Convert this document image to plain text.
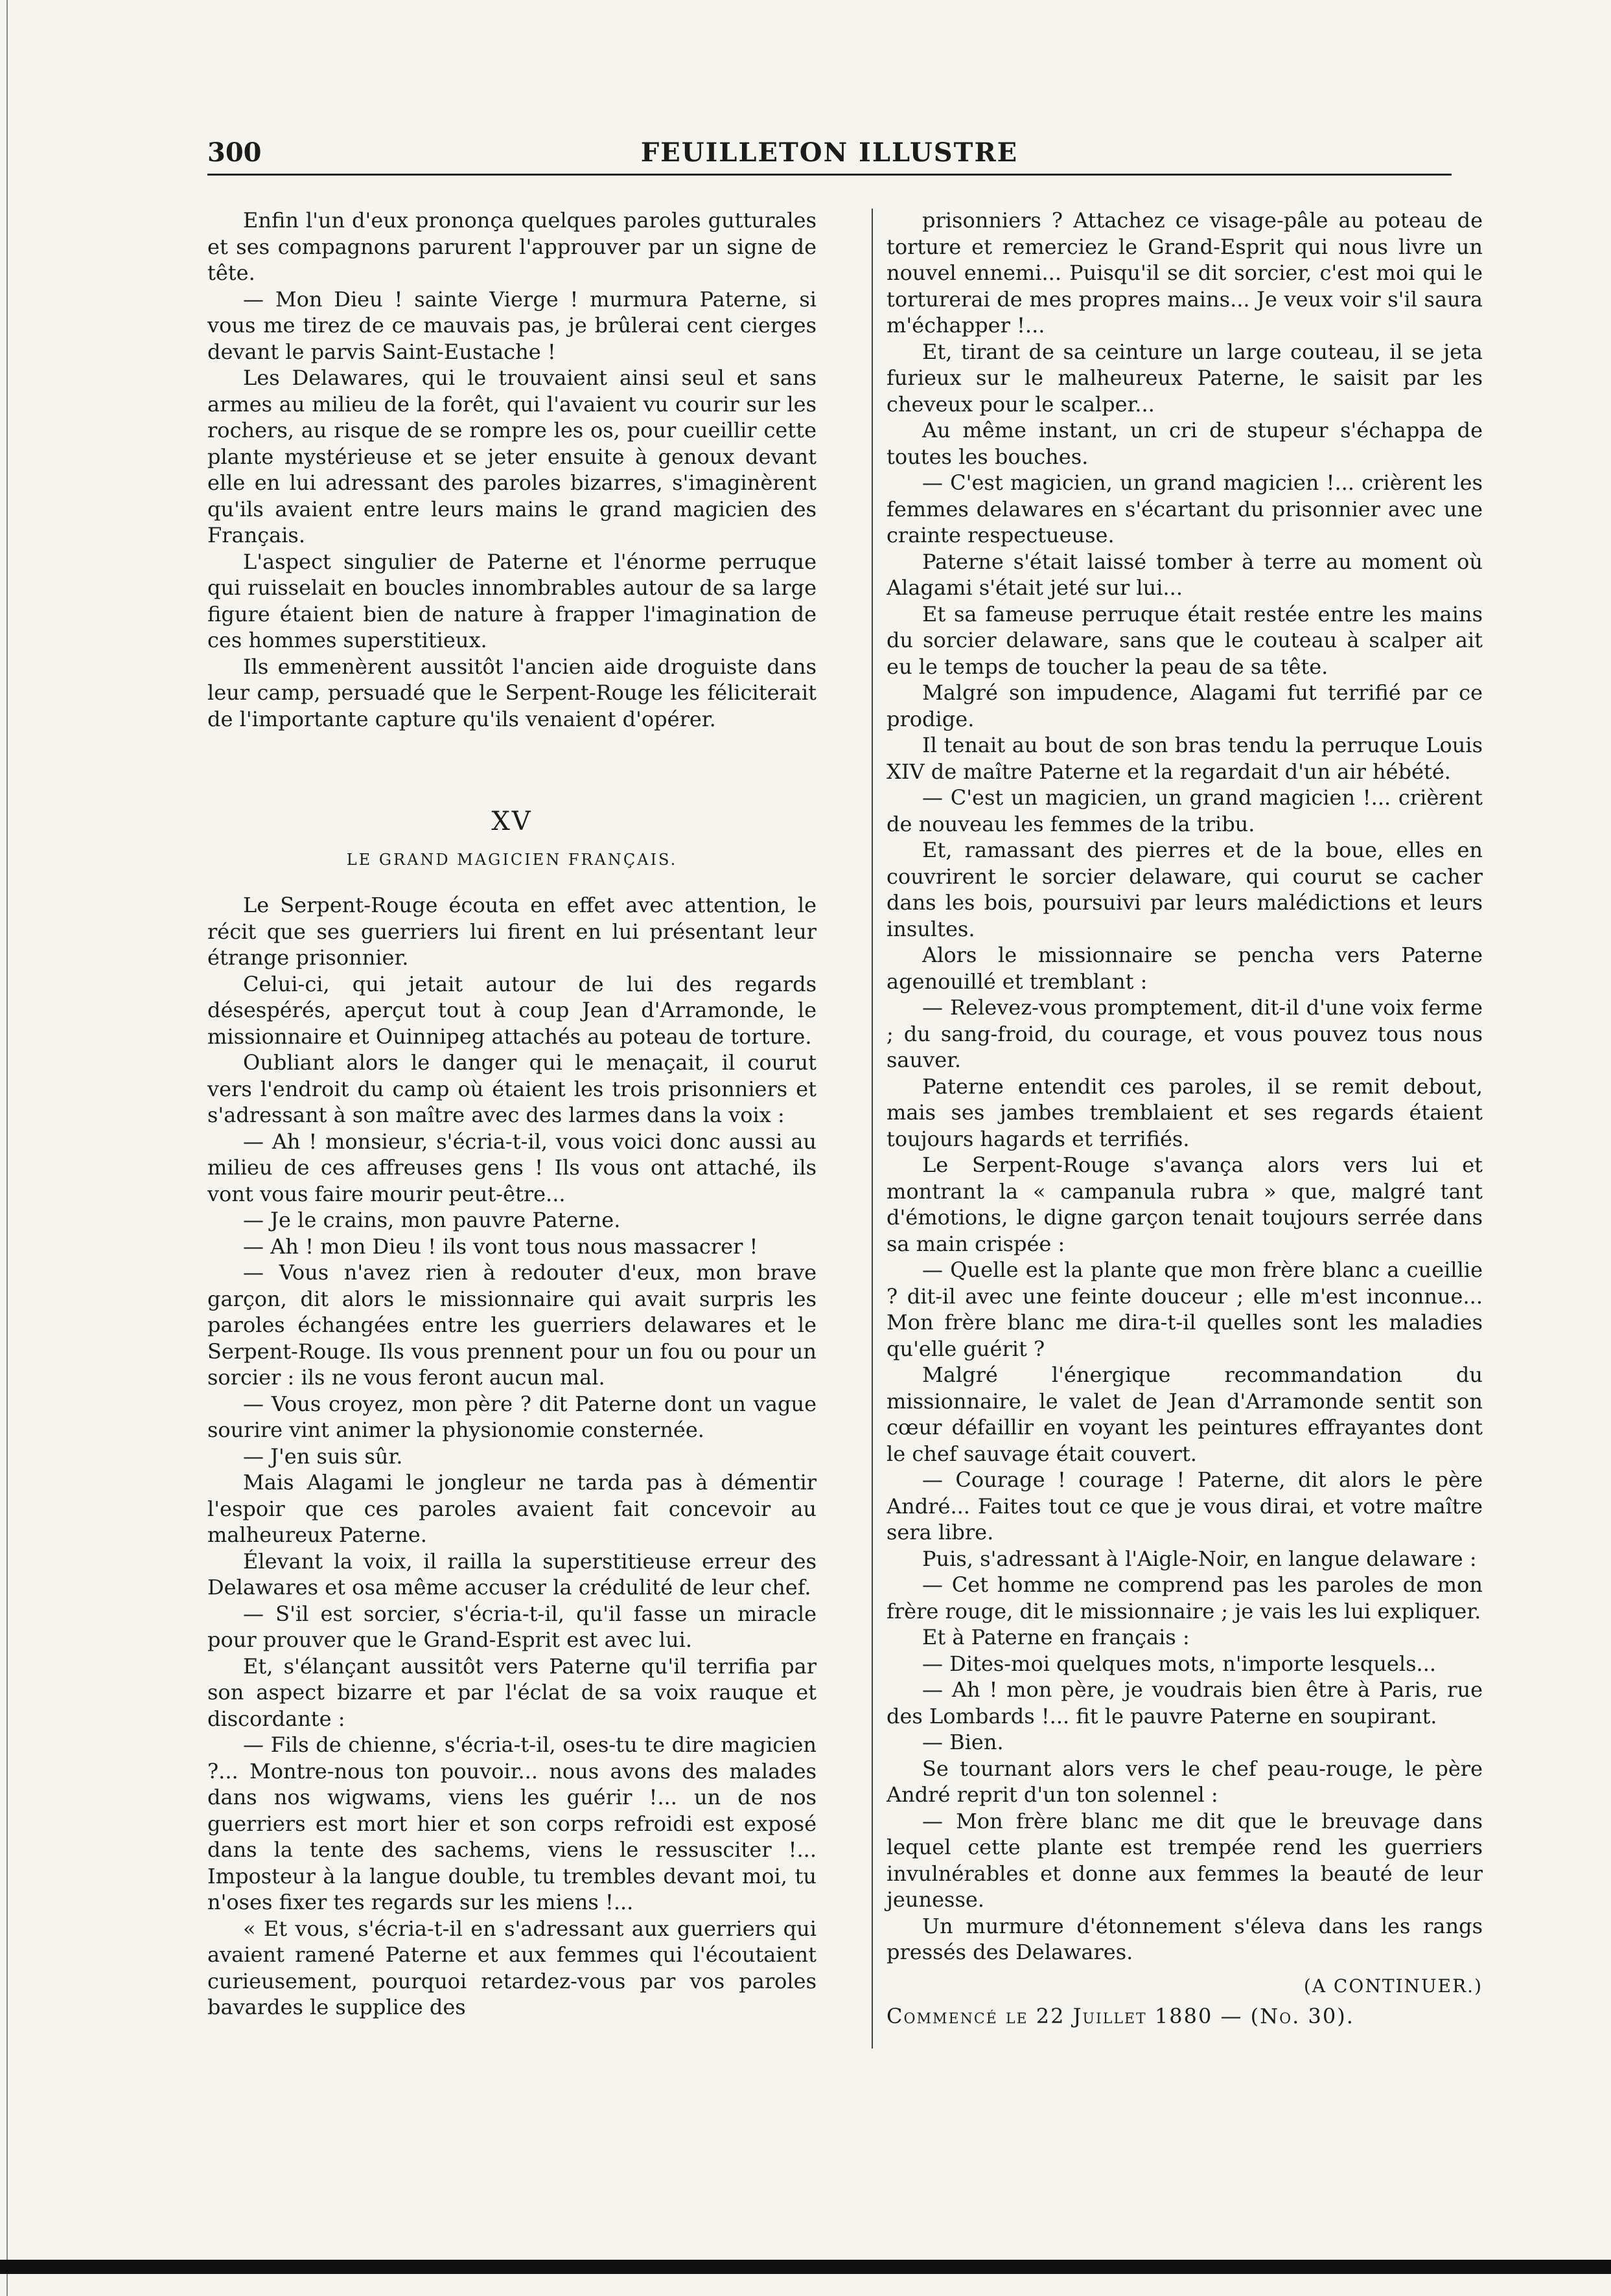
300	FEUILLETON ILLUSTRE

Enfin l'un d'eux prononça quelques paroles gutturales et ses compagnons parurent l'approuver par un signe de tête.

— Mon Dieu ! sainte Vierge ! murmura Paterne, si vous me tirez de ce mauvais pas, je brûlerai cent cierges devant le parvis Saint-Eustache !

Les Delawares, qui le trouvaient ainsi seul et sans armes au milieu de la forêt, qui l'avaient vu courir sur les rochers, au risque de se rompre les os, pour cueillir cette plante mystérieuse et se jeter ensuite à genoux devant elle en lui adressant des paroles bizarres, s'imaginèrent qu'ils avaient entre leurs mains le grand magicien des Français.

L'aspect singulier de Paterne et l'énorme perruque qui ruisselait en boucles innombrables autour de sa large figure étaient bien de nature à frapper l'imagination de ces hommes superstitieux.

Ils emmenèrent aussitôt l'ancien aide droguiste dans leur camp, persuadé que le Serpent-Rouge les féliciterait de l'importante capture qu'ils venaient d'opérer.

XV
LE GRAND MAGICIEN FRANÇAIS.

Le Serpent-Rouge écouta en effet avec attention, le récit que ses guerriers lui firent en lui présentant leur étrange prisonnier.

Celui-ci, qui jetait autour de lui des regards désespérés, aperçut tout à coup Jean d'Arramonde, le missionnaire et Ouinnipeg attachés au poteau de torture.

Oubliant alors le danger qui le menaçait, il courut vers l'endroit du camp où étaient les trois prisonniers et s'adressant à son maître avec des larmes dans la voix :

— Ah ! monsieur, s'écria-t-il, vous voici donc aussi au milieu de ces affreuses gens ! Ils vous ont attaché, ils vont vous faire mourir peut-être...

— Je le crains, mon pauvre Paterne.

— Ah ! mon Dieu ! ils vont tous nous massacrer !

— Vous n'avez rien à redouter d'eux, mon brave garçon, dit alors le missionnaire qui avait surpris les paroles échangées entre les guerriers delawares et le Serpent-Rouge. Ils vous prennent pour un fou ou pour un sorcier : ils ne vous feront aucun mal.

— Vous croyez, mon père ? dit Paterne dont un vague sourire vint animer la physionomie consternée.

— J'en suis sûr.

Mais Alagami le jongleur ne tarda pas à démentir l'espoir que ces paroles avaient fait concevoir au malheureux Paterne.

Élevant la voix, il railla la superstitieuse erreur des Delawares et osa même accuser la crédulité de leur chef.

— S'il est sorcier, s'écria-t-il, qu'il fasse un miracle pour prouver que le Grand-Esprit est avec lui.

Et, s'élançant aussitôt vers Paterne qu'il terrifia par son aspect bizarre et par l'éclat de sa voix rauque et discordante :

— Fils de chienne, s'écria-t-il, oses-tu te dire magicien ?... Montre-nous ton pouvoir... nous avons des malades dans nos wigwams, viens les guérir !... un de nos guerriers est mort hier et son corps refroidi est exposé dans la tente des sachems, viens le ressusciter !... Imposteur à la langue double, tu trembles devant moi, tu n'oses fixer tes regards sur les miens !...

« Et vous, s'écria-t-il en s'adressant aux guerriers qui avaient ramené Paterne et aux femmes qui l'écoutaient curieusement, pourquoi retardez-vous par vos paroles bavardes le supplice des

prisonniers ? Attachez ce visage-pâle au poteau de torture et remerciez le Grand-Esprit qui nous livre un nouvel ennemi... Puisqu'il se dit sorcier, c'est moi qui le torturerai de mes propres mains... Je veux voir s'il saura m'échapper !...

Et, tirant de sa ceinture un large couteau, il se jeta furieux sur le malheureux Paterne, le saisit par les cheveux pour le scalper...

Au même instant, un cri de stupeur s'échappa de toutes les bouches.

— C'est magicien, un grand magicien !... crièrent les femmes delawares en s'écartant du prisonnier avec une crainte respectueuse.

Paterne s'était laissé tomber à terre au moment où Alagami s'était jeté sur lui...

Et sa fameuse perruque était restée entre les mains du sorcier delaware, sans que le couteau à scalper ait eu le temps de toucher la peau de sa tête.

Malgré son impudence, Alagami fut terrifié par ce prodige.

Il tenait au bout de son bras tendu la perruque Louis XIV de maître Paterne et la regardait d'un air hébété.

— C'est un magicien, un grand magicien !... crièrent de nouveau les femmes de la tribu.

Et, ramassant des pierres et de la boue, elles en couvrirent le sorcier delaware, qui courut se cacher dans les bois, poursuivi par leurs malédictions et leurs insultes.

Alors le missionnaire se pencha vers Paterne agenouillé et tremblant :

— Relevez-vous promptement, dit-il d'une voix ferme ; du sang-froid, du courage, et vous pouvez tous nous sauver.

Paterne entendit ces paroles, il se remit debout, mais ses jambes tremblaient et ses regards étaient toujours hagards et terrifiés.

Le Serpent-Rouge s'avança alors vers lui et montrant la « campanula rubra » que, malgré tant d'émotions, le digne garçon tenait toujours serrée dans sa main crispée :

— Quelle est la plante que mon frère blanc a cueillie ? dit-il avec une feinte douceur ; elle m'est inconnue... Mon frère blanc me dira-t-il quelles sont les maladies qu'elle guérit ?

Malgré l'énergique recommandation du missionnaire, le valet de Jean d'Arramonde sentit son cœur défaillir en voyant les peintures effrayantes dont le chef sauvage était couvert.

— Courage ! courage ! Paterne, dit alors le père André... Faites tout ce que je vous dirai, et votre maître sera libre.

Puis, s'adressant à l'Aigle-Noir, en langue delaware :

— Cet homme ne comprend pas les paroles de mon frère rouge, dit le missionnaire ; je vais les lui expliquer.

Et à Paterne en français :

— Dites-moi quelques mots, n'importe lesquels...

— Ah ! mon père, je voudrais bien être à Paris, rue des Lombards !... fit le pauvre Paterne en soupirant.

— Bien.

Se tournant alors vers le chef peau-rouge, le père André reprit d'un ton solennel :

— Mon frère blanc me dit que le breuvage dans lequel cette plante est trempée rend les guerriers invulnérables et donne aux femmes la beauté de leur jeunesse.

Un murmure d'étonnement s'éleva dans les rangs pressés des Delawares.

(A CONTINUER.)
Commencé le 22 Juillet 1880 — (No. 30).
